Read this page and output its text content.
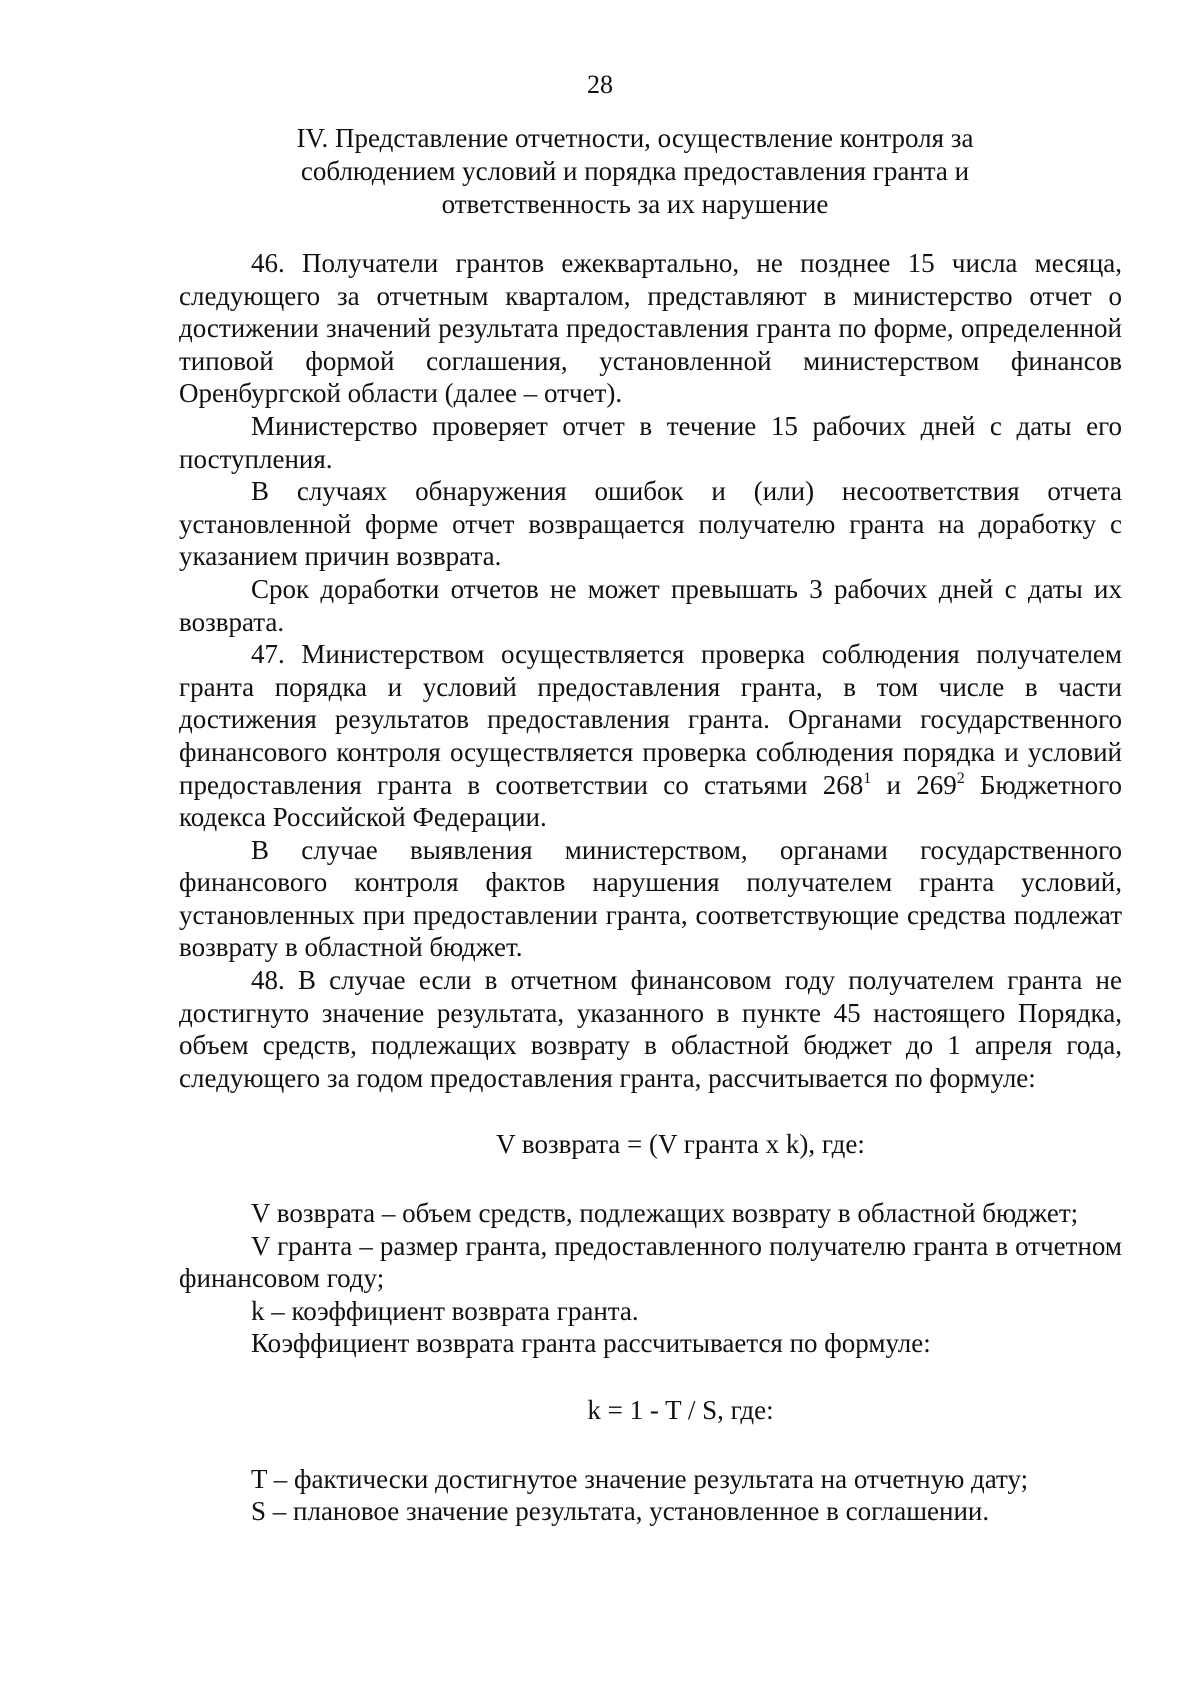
28
IV. Представление отчетности, осуществление контроля за
соблюдением условий и порядка предоставления гранта и
ответственность за их нарушение

46. Получатели грантов ежеквартально, не позднее 15 числа месяца, следующего за отчетным кварталом, представляют в министерство отчет о достижении значений результата предоставления гранта по форме, определенной типовой формой соглашения, установленной министерством финансов Оренбургской области (далее – отчет).

Министерство проверяет отчет в течение 15 рабочих дней с даты его поступления.

В случаях обнаружения ошибок и (или) несоответствия отчета установленной форме отчет возвращается получателю гранта на доработку с указанием причин возврата.

Срок доработки отчетов не может превышать 3 рабочих дней с даты их возврата.

47. Министерством осуществляется проверка соблюдения получателем гранта порядка и условий предоставления гранта, в том числе в части достижения результатов предоставления гранта. Органами государственного финансового контроля осуществляется проверка соблюдения порядка и условий предоставления гранта в соответствии со статьями $268^1$ и $269^2$ Бюджетного кодекса Российской Федерации.

В случае выявления министерством, органами государственного финансового контроля фактов нарушения получателем гранта условий, установленных при предоставлении гранта, соответствующие средства подлежат возврату в областной бюджет.

48. В случае если в отчетном финансовом году получателем гранта не достигнуто значение результата, указанного в пункте 45 настоящего Порядка, объем средств, подлежащих возврату в областной бюджет до 1 апреля года, следующего за годом предоставления гранта, рассчитывается по формуле:

V возврата = (V гранта х k), где:

V возврата – объем средств, подлежащих возврату в областной бюджет;

V гранта – размер гранта, предоставленного получателю гранта в отчетном финансовом году;

k – коэффициент возврата гранта.

Коэффициент возврата гранта рассчитывается по формуле:

k = 1 - T / S, где:

T – фактически достигнутое значение результата на отчетную дату;

S – плановое значение результата, установленное в соглашении.
